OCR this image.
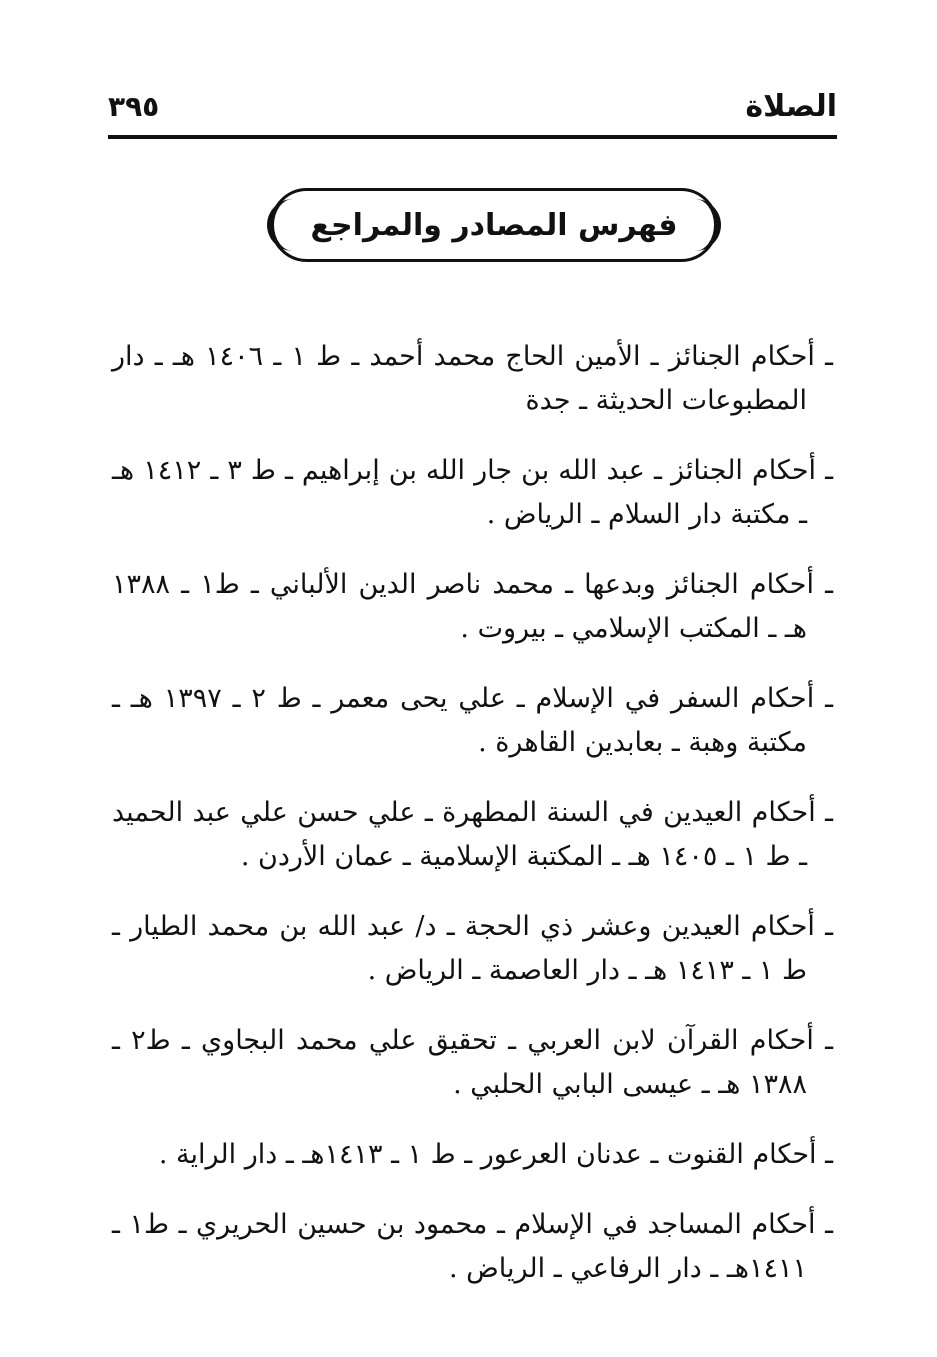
الصلاة
٣٩٥
فهرس المصادر والمراجع
ـ أحكام الجنائز ـ الأمين الحاج محمد أحمد ـ ط ١ ـ ١٤٠٦ هـ ـ دار المطبوعات الحديثة ـ جدة
ـ أحكام الجنائز ـ عبد الله بن جار الله بن إبراهيم ـ ط ٣ ـ ١٤١٢ هـ ـ مكتبة دار السلام ـ الرياض .
ـ أحكام الجنائز وبدعها ـ محمد ناصر الدين الألباني ـ ط١ ـ ١٣٨٨ هـ ـ المكتب الإسلامي ـ بيروت .
ـ أحكام السفر في الإسلام ـ علي يحى معمر ـ ط ٢ ـ ١٣٩٧ هـ ـ مكتبة وهبة ـ بعابدين القاهرة .
ـ أحكام العيدين في السنة المطهرة ـ علي حسن علي عبد الحميد ـ ط ١ ـ ١٤٠٥ هـ ـ المكتبة الإسلامية ـ عمان الأردن .
ـ أحكام العيدين وعشر ذي الحجة ـ د/ عبد الله بن محمد الطيار ـ ط ١ ـ ١٤١٣ هـ ـ دار العاصمة ـ الرياض .
ـ أحكام القرآن لابن العربي ـ تحقيق علي محمد البجاوي ـ ط٢ ـ ١٣٨٨ هـ ـ عيسى البابي الحلبي .
ـ أحكام القنوت ـ عدنان العرعور ـ ط ١ ـ ١٤١٣هـ ـ دار الراية .
ـ أحكام المساجد في الإسلام ـ محمود بن حسين الحريري ـ ط١ ـ ١٤١١هـ ـ دار الرفاعي ـ الرياض .
